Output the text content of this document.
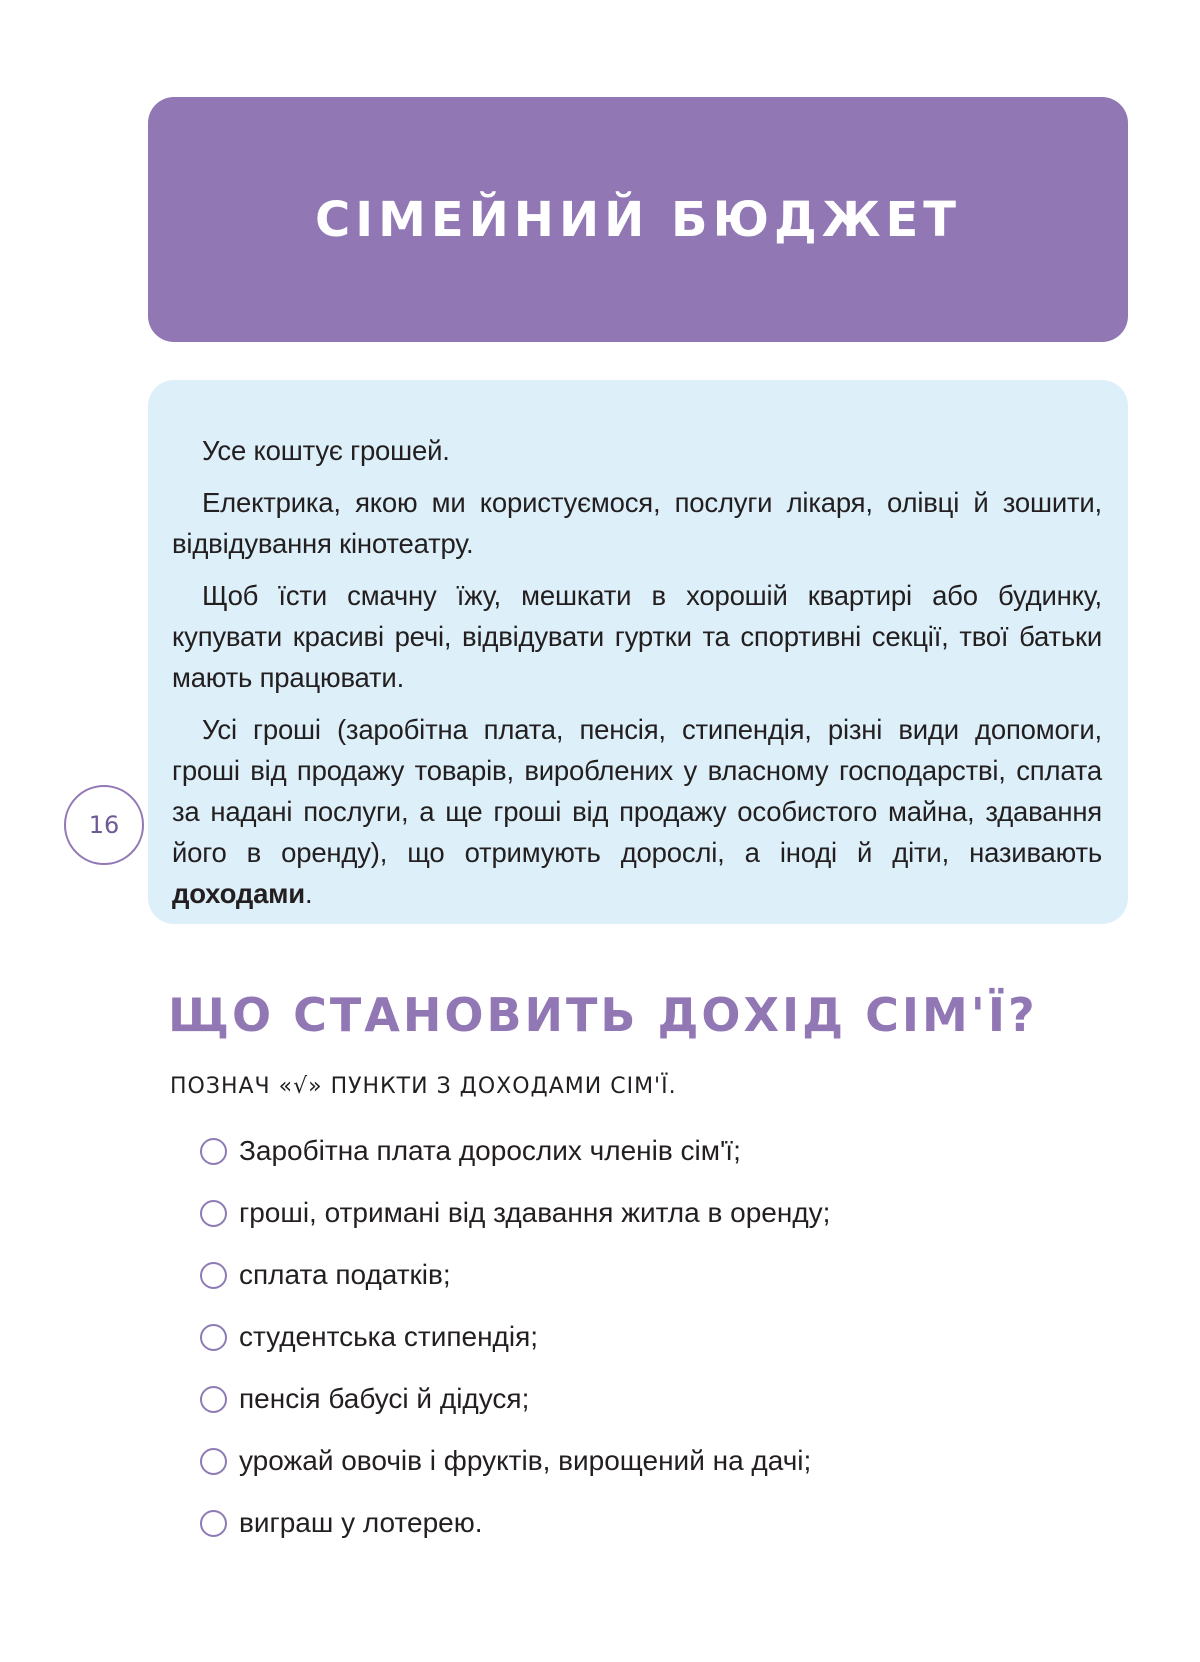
СІМЕЙНИЙ БЮДЖЕТ

Усе коштує грошей.

Електрика, якою ми користуємося, послуги лікаря, олівці й зошити, відвідування кінотеатру.

Щоб їсти смачну їжу, мешкати в хорошій квартирі або будинку, купувати красиві речі, відвідувати гуртки та спортивні секції, твої батьки мають працювати.

Усі гроші (заробітна плата, пенсія, стипендія, різні види допомоги, гроші від продажу товарів, вироблених у власному господарстві, сплата за надані послуги, а ще гроші від продажу особистого майна, здавання його в оренду), що отримують дорослі, а іноді й діти, називають доходами.

16
ЩО СТАНОВИТЬ ДОХІД СІМ'Ї?
ПОЗНАЧ «√» ПУНКТИ З ДОХОДАМИ СІМ'Ї.
Заробітна плата дорослих членів сім'ї;
гроші, отримані від здавання житла в оренду;
сплата податків;
студентська стипендія;
пенсія бабусі й дідуся;
урожай овочів і фруктів, вирощений на дачі;
виграш у лотерею.
